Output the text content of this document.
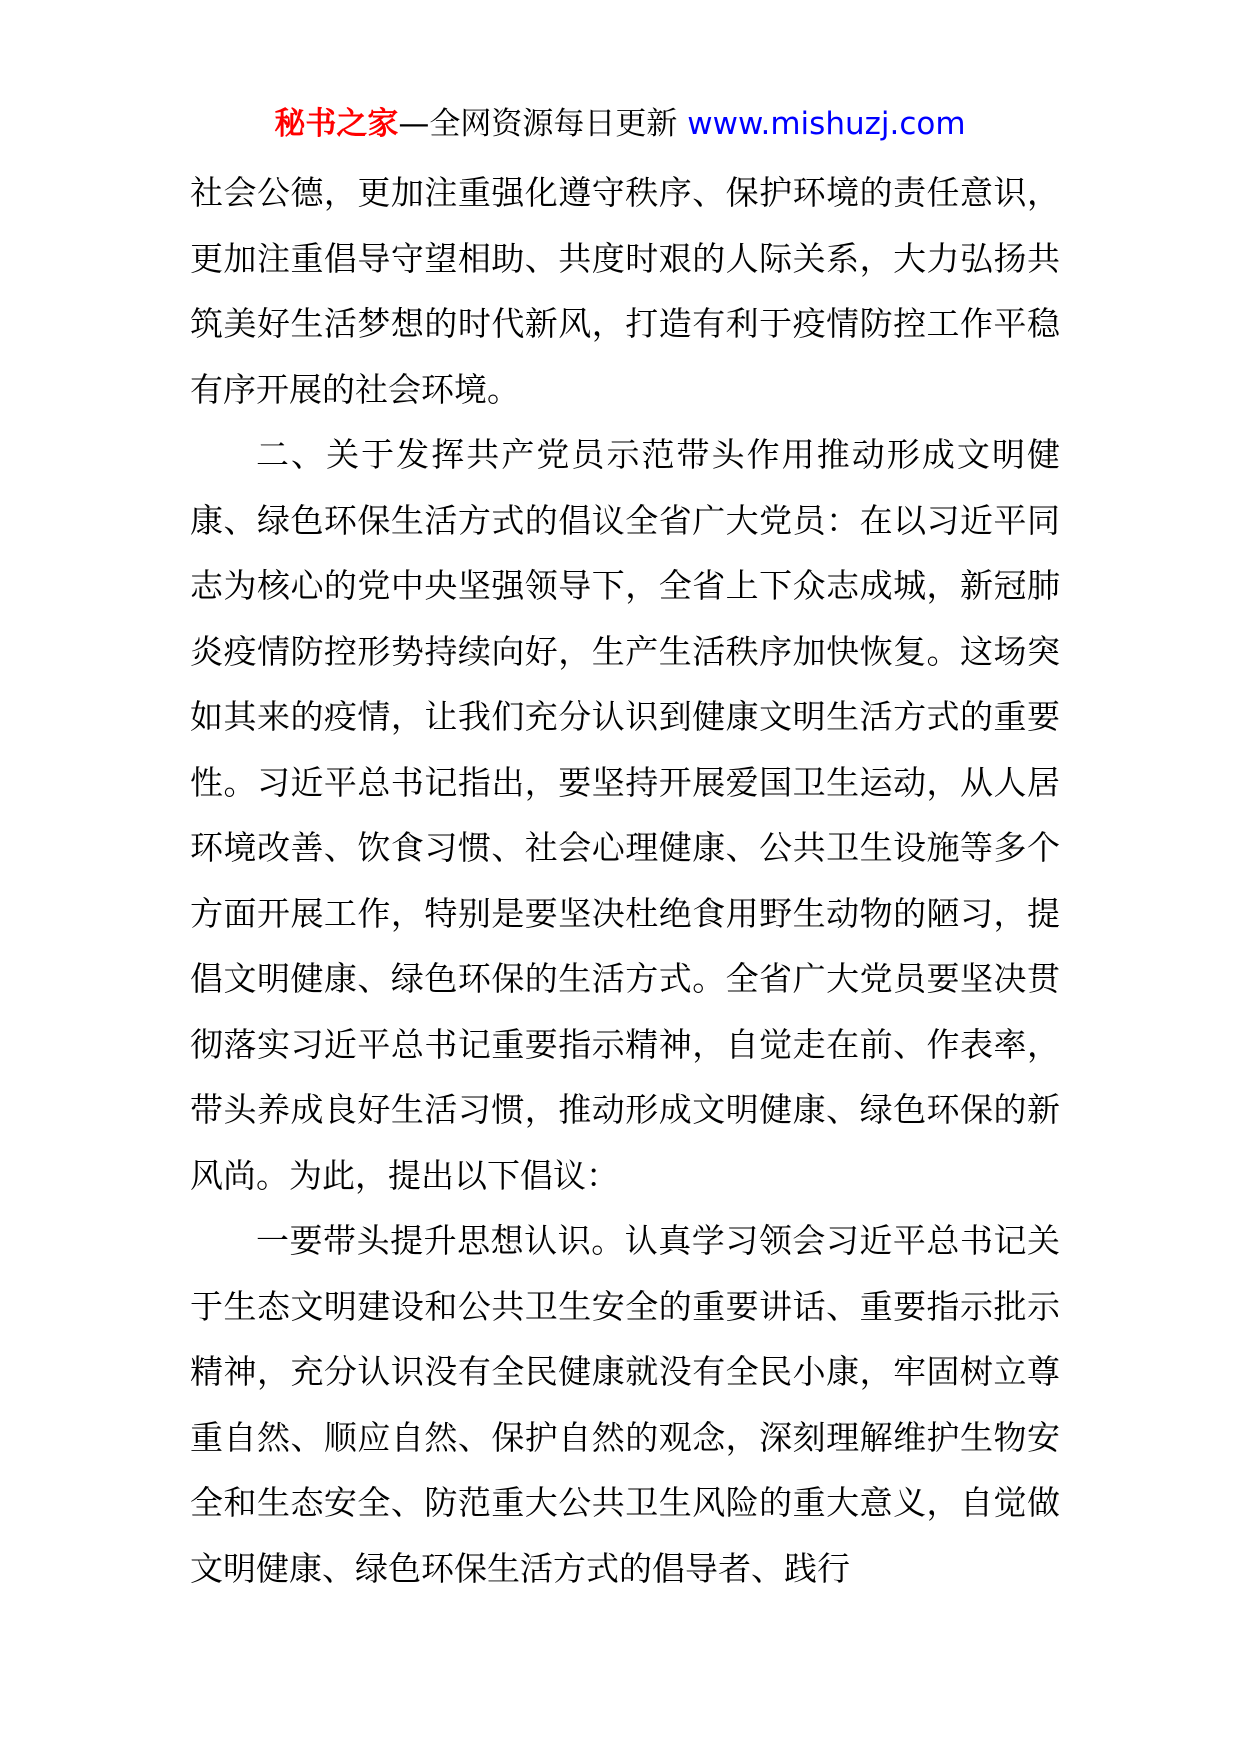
秘书之家—全网资源每日更新 www.mishuzj.com

社会公德，更加注重强化遵守秩序、保护环境的责任意识，更加注重倡导守望相助、共度时艰的人际关系，大力弘扬共筑美好生活梦想的时代新风，打造有利于疫情防控工作平稳有序开展的社会环境。

二、关于发挥共产党员示范带头作用推动形成文明健康、绿色环保生活方式的倡议全省广大党员：在以习近平同志为核心的党中央坚强领导下，全省上下众志成城，新冠肺炎疫情防控形势持续向好，生产生活秩序加快恢复。这场突如其来的疫情，让我们充分认识到健康文明生活方式的重要性。习近平总书记指出，要坚持开展爱国卫生运动，从人居环境改善、饮食习惯、社会心理健康、公共卫生设施等多个方面开展工作，特别是要坚决杜绝食用野生动物的陋习，提倡文明健康、绿色环保的生活方式。全省广大党员要坚决贯彻落实习近平总书记重要指示精神，自觉走在前、作表率，带头养成良好生活习惯，推动形成文明健康、绿色环保的新风尚。为此，提出以下倡议：

一要带头提升思想认识。认真学习领会习近平总书记关于生态文明建设和公共卫生安全的重要讲话、重要指示批示精神，充分认识没有全民健康就没有全民小康，牢固树立尊重自然、顺应自然、保护自然的观念，深刻理解维护生物安全和生态安全、防范重大公共卫生风险的重大意义，自觉做文明健康、绿色环保生活方式的倡导者、践行
